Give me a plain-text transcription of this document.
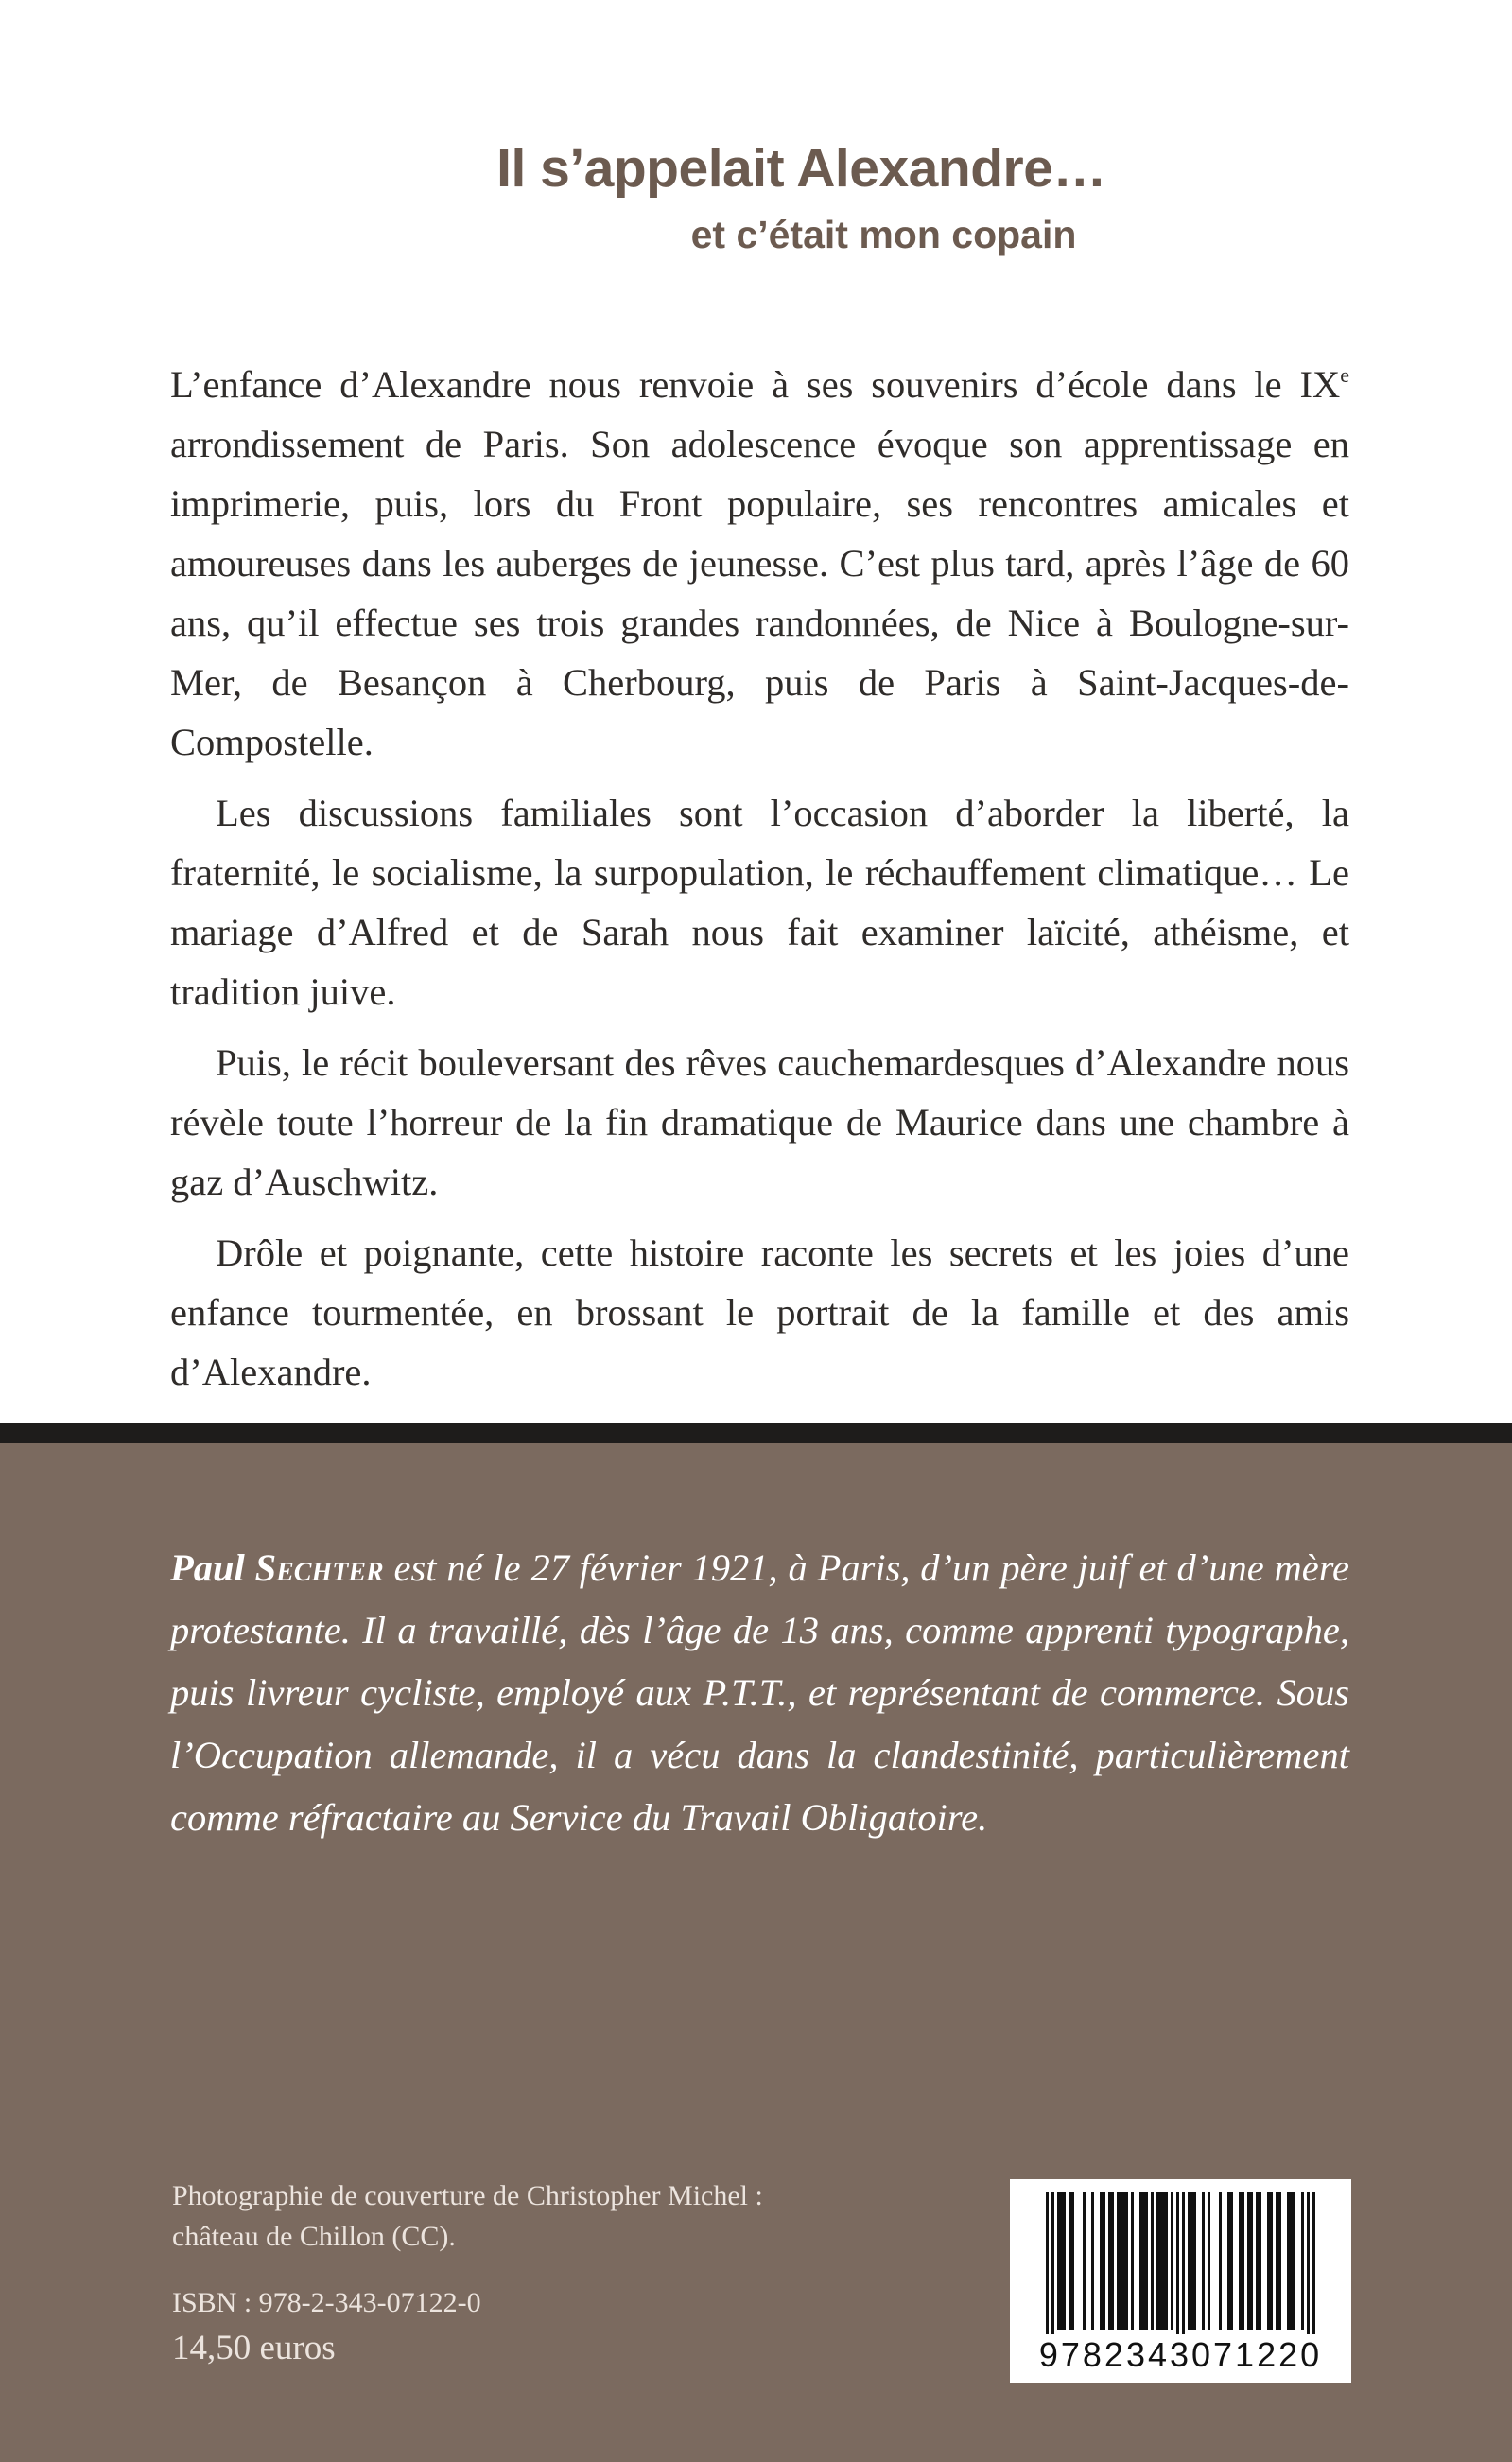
Il s’appelait Alexandre…
et c’était mon copain

L’enfance d’Alexandre nous renvoie à ses souvenirs d’école dans le IXe arrondissement de Paris. Son adolescence évoque son apprentissage en imprimerie, puis, lors du Front populaire, ses rencontres amicales et amoureuses dans les auberges de jeunesse. C’est plus tard, après l’âge de 60 ans, qu’il effectue ses trois grandes randonnées, de Nice à Boulogne-sur-Mer, de Besançon à Cherbourg, puis de Paris à Saint-Jacques-de-Compostelle.

Les discussions familiales sont l’occasion d’aborder la liberté, la fraternité, le socialisme, la surpopulation, le réchauffement climatique… Le mariage d’Alfred et de Sarah nous fait examiner laïcité, athéisme, et tradition juive.

Puis, le récit bouleversant des rêves cauchemardesques d’Alexandre nous révèle toute l’horreur de la fin dramatique de Maurice dans une chambre à gaz d’Auschwitz.

Drôle et poignante, cette histoire raconte les secrets et les joies d’une enfance tourmentée, en brossant le portrait de la famille et des amis d’Alexandre.

Paul Sechter est né le 27 février 1921, à Paris, d’un père juif et d’une mère protestante. Il a travaillé, dès l’âge de 13 ans, comme apprenti typographe, puis livreur cycliste, employé aux P.T.T., et représentant de commerce. Sous l’Occupation allemande, il a vécu dans la clandestinité, particulièrement comme réfractaire au Service du Travail Obligatoire.

Photographie de couverture de Christopher Michel :
château de Chillon (CC).
ISBN : 978-2-343-07122-0
14,50 euros	9782343071220
